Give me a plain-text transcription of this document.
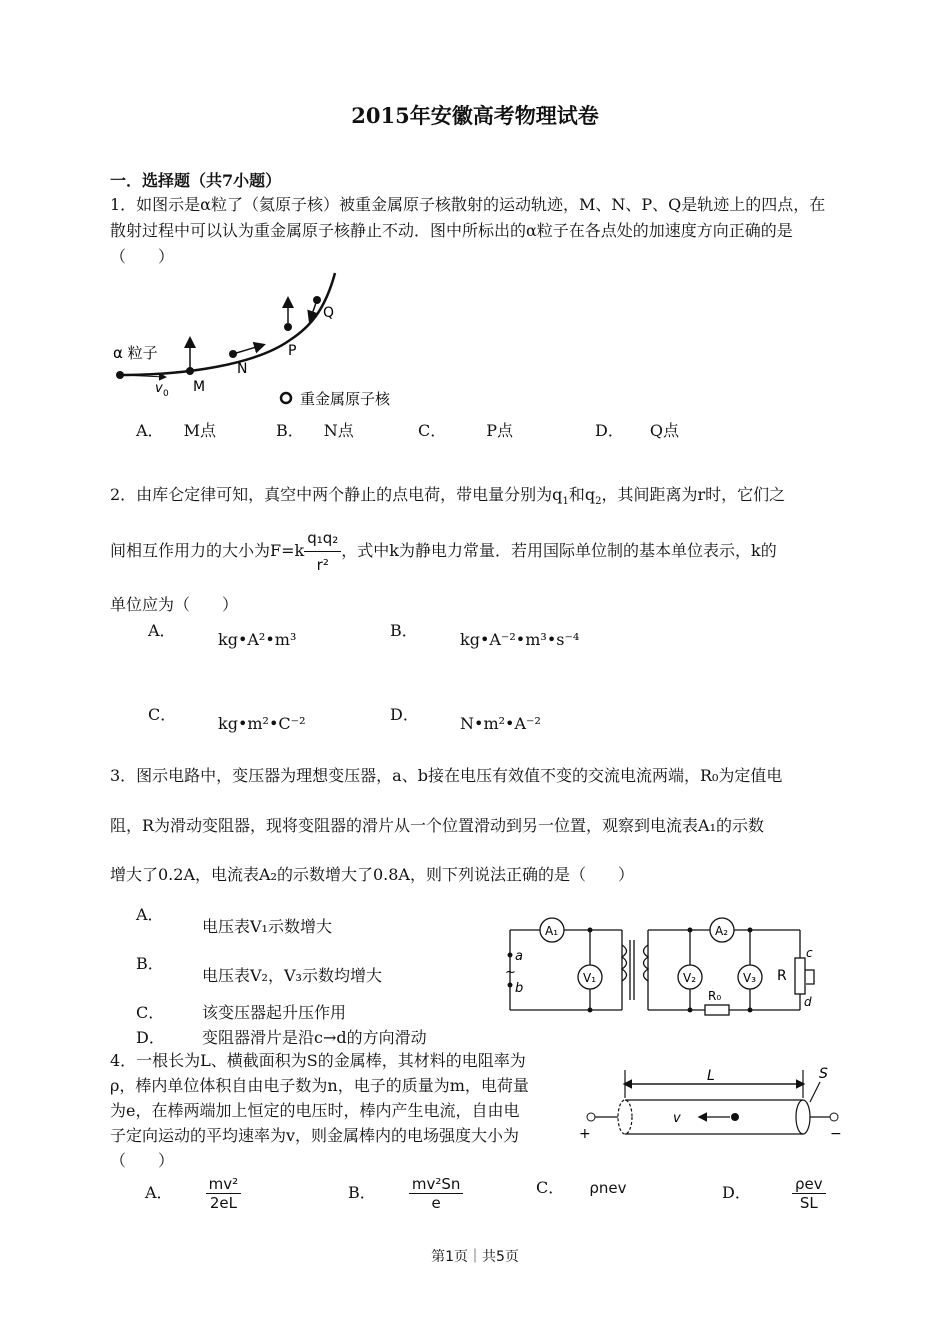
2015年安徽高考物理试卷
一．选择题（共7小题）
1．如图示是α粒了（氦原子核）被重金属原子核散射的运动轨迹，M、N、P、Q是轨迹上的四点，在散射过程中可以认为重金属原子核静止不动．图中所标出的α粒子在各点处的加速度方向正确的是（　　）
α 粒子
v 0 M
N
P
Q
重金属原子核
A． M点	B． N点	C．	P点	D． Q点
2．由库仑定律可知，真空中两个静止的点电荷，带电量分别为$q_1$和$q_2$，其间距离为r时，它们之
间相互作用力的大小为$F=k \frac{\text{q₁q₂}}{\text{r²}}$ ，式中k为静电力常量．若用国际单位制的基本单位表示，k的
单位应为（　　）
A．	kg•A²•m³	B．	kg•A⁻²•m³•s⁻⁴
C．	kg•m²•C⁻²	D．	N•m²•A⁻²
3．图示电路中，变压器为理想变压器，a、b接在电压有效值不变的交流电流两端，R₀为定值电
阻，R为滑动变阻器，现将变阻器的滑片从一个位置滑动到另一位置，观察到电流表A₁的示数
增大了0.2A，电流表A₂的示数增大了0.8A，则下列说法正确的是（　　）
A．
电压表V₁示数增大
B．
电压表V₂，V₃示数均增大
C． 该变压器起升压作用
D． 变阻器滑片是沿c→d的方向滑动
A₁
V₁
A₂
V₂	V₃
R₀
R
a
~
b
c
d
4．一根长为L、横截面积为S的金属棒，其材料的电阻率为
ρ，棒内单位体积自由电子数为n，电子的质量为m，电荷量
为e，在棒两端加上恒定的电压时，棒内产生电流，自由电
子定向运动的平均速率为v，则金属棒内的电场强度大小为
（　　）
L	S
v
+	−
A． $\frac{\text{mv²}}{2eL}$	B． $\frac{\text{mv²Sn}}{e}$	C． ρnev	D．	$\frac{\text{ρev}}{SL}$
第1页｜共5页
